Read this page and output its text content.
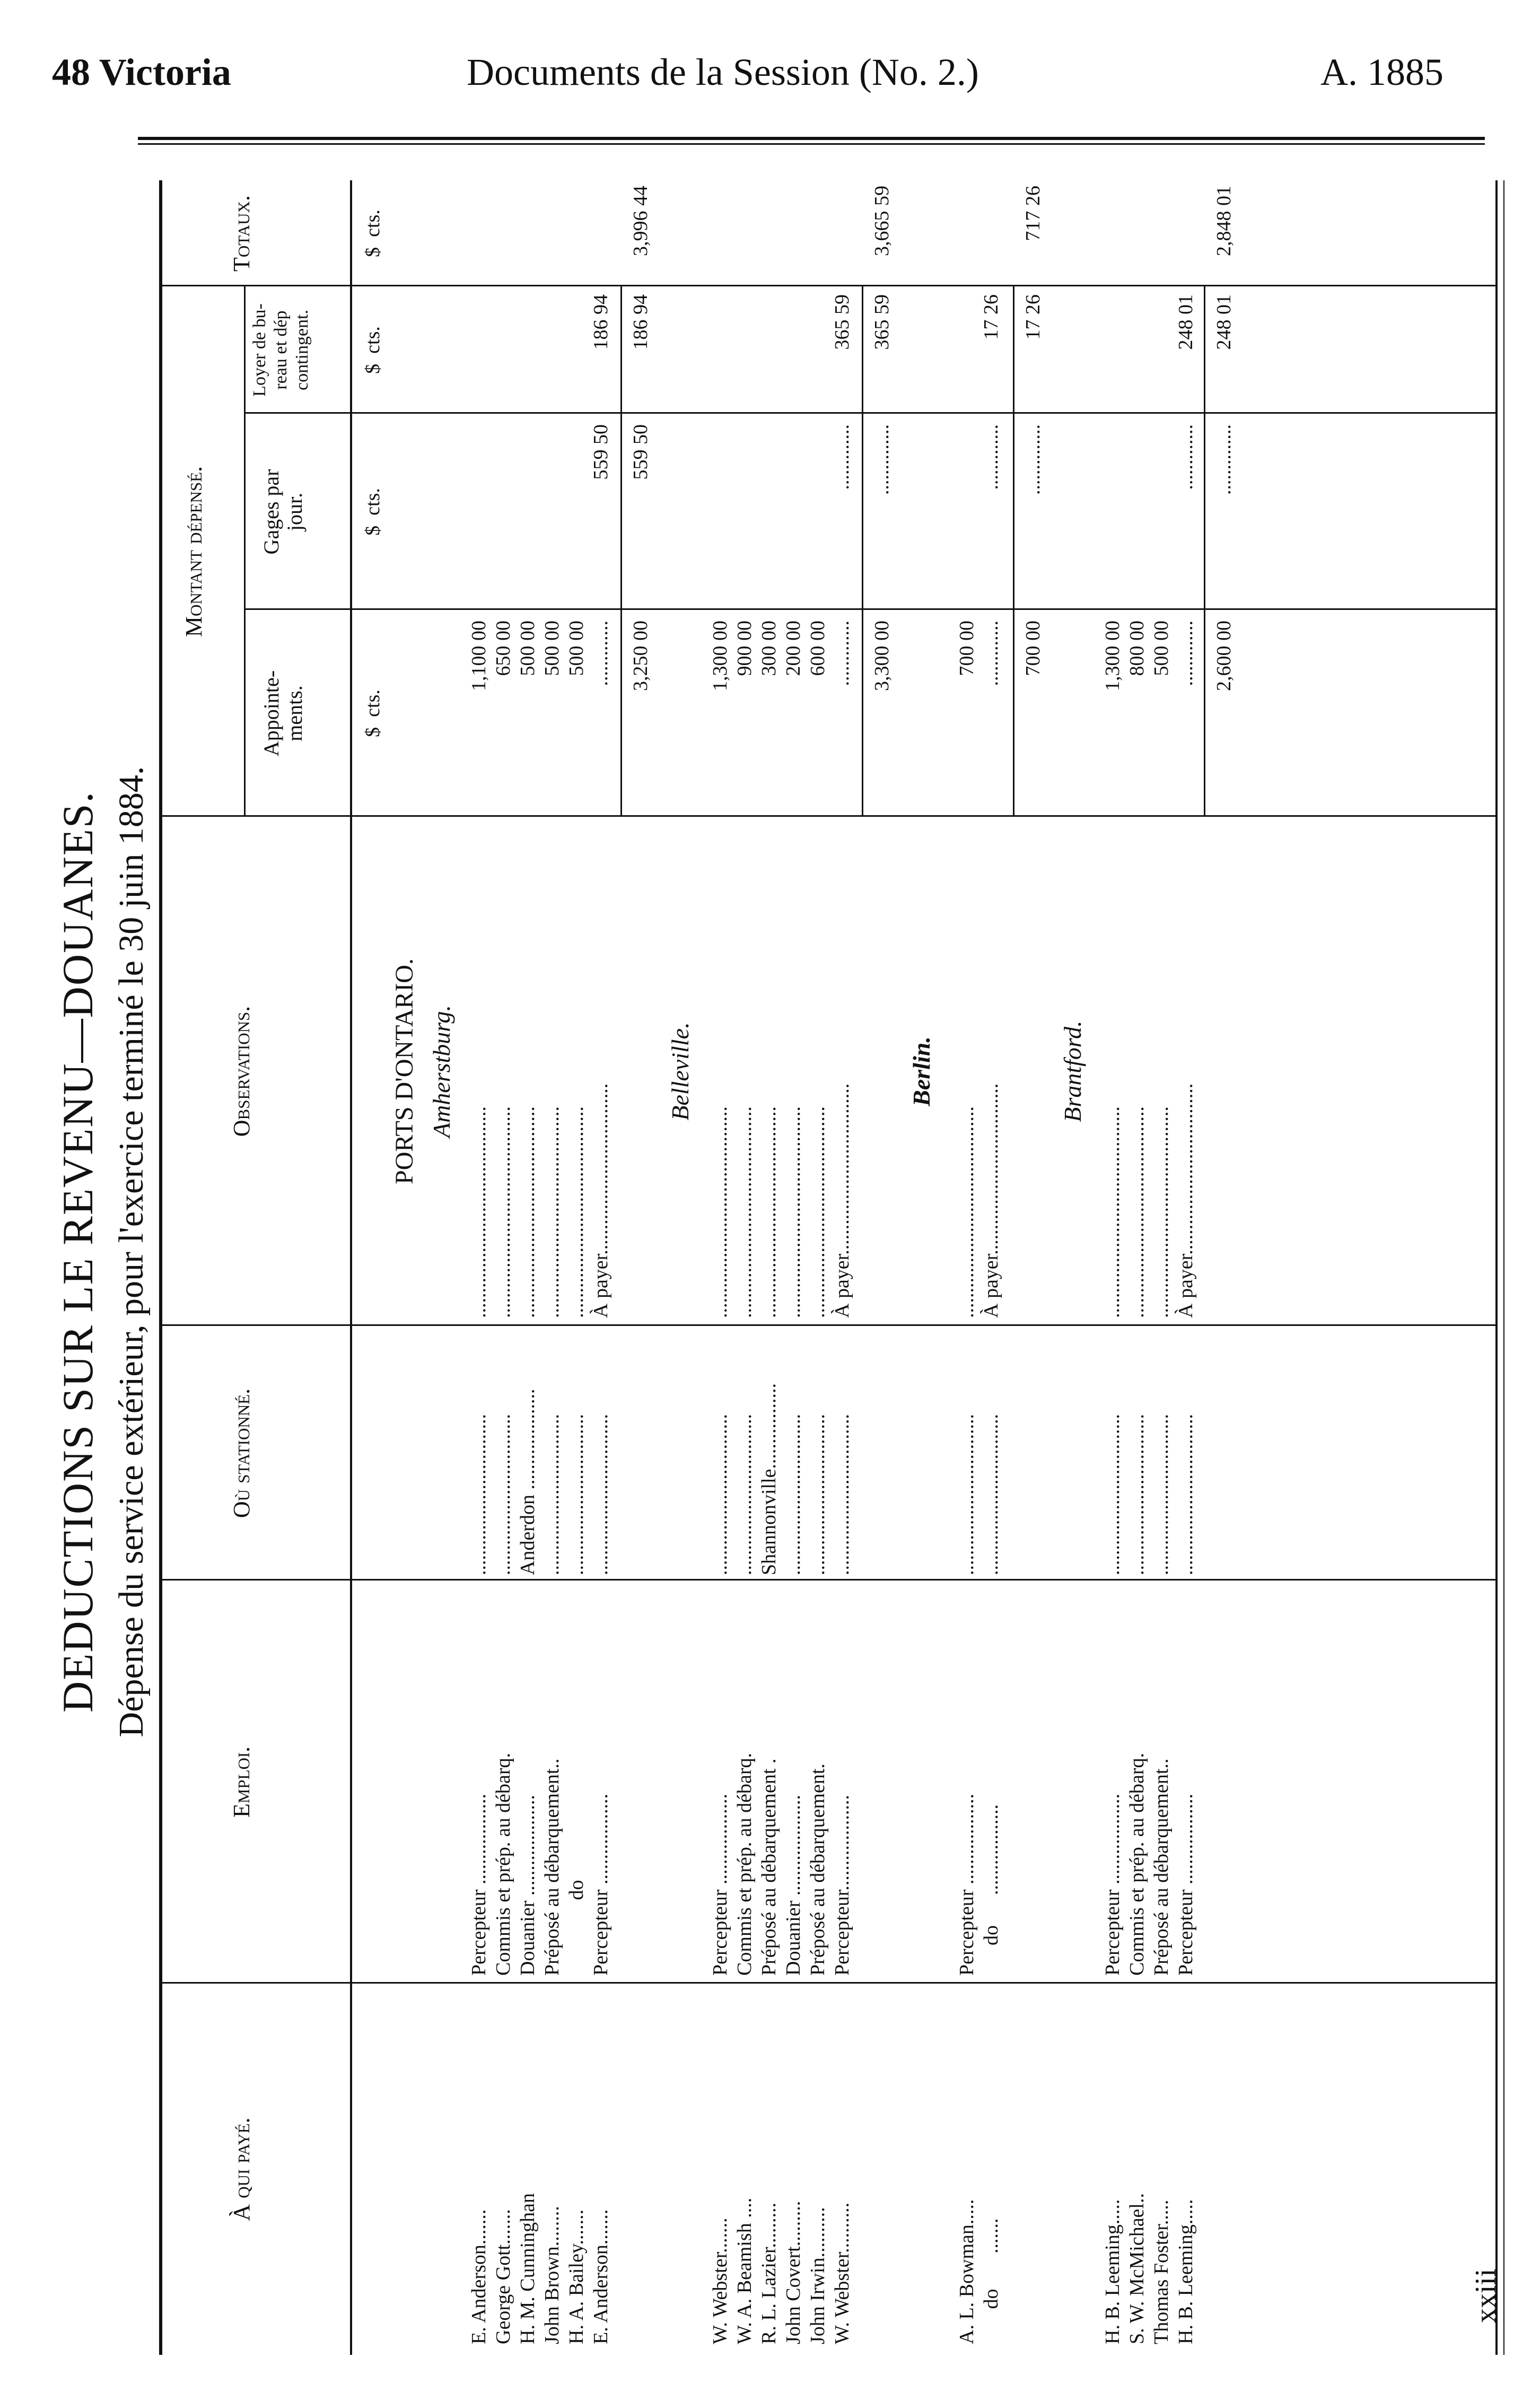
48 Victoria	Documents de la Session (No. 2.)	A. 1885
DEDUCTIONS SUR LE REVENU—DOUANES. Dépense du service extérieur, pour l'exercice terminé le 30 juin 1884.
À qui payé.
Emploi.
Où stationné.
Observations.
Montant dépensé.
Appointe-
ments.
Gages par
jour.
Loyer de bu-
reau et dép
contingent.
Totaux.
$  cts.
$  cts.
$  cts.
$  cts.
PORTS D'ONTARIO. Amherstburg.
E. Anderson.......
George Gott.......
H. M. Cunninghan
John Brown........
H. A. Bailey.......
E. Anderson.......
Percepteur ..................
Commis et prép. au débarq.
Douanier ....................
Préposé au débarquement..
do
Percepteur ..................
................................
................................
Anderdon ....................
................................
................................
................................
..........................................
..........................................
..........................................
..........................................
..........................................
À payer..................................
1,100 00
650 00
500 00
500 00
500 00
.............

559 50

186 94
3,250 00
559 50
186 94
3,996 44
Belleville.
W. Webster.......
W. A. Beamish ....
R. L. Lazier.........
John Covert.........
John Irwin..........
W. Webster..........
Percepteur ..................
Commis et prép. au débarq.
Préposé au débarquement .
Douanier ....................
Préposé au débarquement.
Percepteur...................
................................
................................
Shannonville.................
................................
................................
................................
..........................................
..........................................
..........................................
..........................................
..........................................
À payer..................................
1,300 00
900 00
300 00
200 00
600 00
.............

.............

365 59
3,300 00
..............
365 59
3,665 59
Berlin.
A. L. Bowman.....
do       .......
Percepteur ..................
do      ..................
................................
................................
..........................................
À payer..................................
700 00
.............

.............

17 26
700 00
..............
17 26
717 26
Brantford.
H. B. Leeming.....
S. W. McMichael..
Thomas Foster.....
H. B. Leeming.....
Percepteur ..................
Commis et prép. au débarq.
Préposé au débarquement..
Percepteur ..................
................................
................................
................................
................................
..........................................
..........................................
..........................................
À payer..................................
1,300 00
800 00
500 00
.............

.............

248 01
2,600 00
..............
248 01
2,848 01
xxiii
